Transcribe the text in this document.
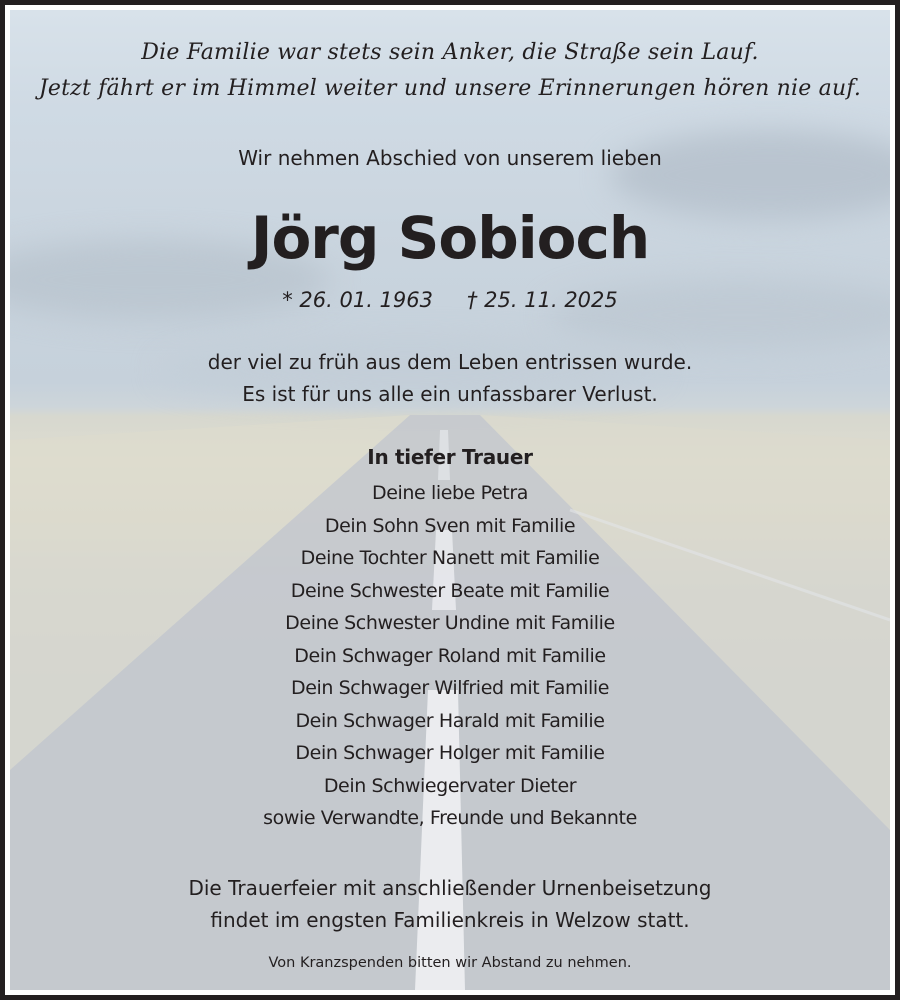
Die Familie war stets sein Anker, die Straße sein Lauf.
Jetzt fährt er im Himmel weiter und unsere Erinnerungen hören nie auf.
Wir nehmen Abschied von unserem lieben
Jörg Sobioch
* 26. 01. 1963 † 25. 11. 2025
der viel zu früh aus dem Leben entrissen wurde.
Es ist für uns alle ein unfassbarer Verlust.
In tiefer Trauer
Deine liebe Petra
Dein Sohn Sven mit Familie
Deine Tochter Nanett mit Familie
Deine Schwester Beate mit Familie
Deine Schwester Undine mit Familie
Dein Schwager Roland mit Familie
Dein Schwager Wilfried mit Familie
Dein Schwager Harald mit Familie
Dein Schwager Holger mit Familie
Dein Schwiegervater Dieter
sowie Verwandte, Freunde und Bekannte
Die Trauerfeier mit anschließender Urnenbeisetzung
findet im engsten Familienkreis in Welzow statt.
Von Kranzspenden bitten wir Abstand zu nehmen.
